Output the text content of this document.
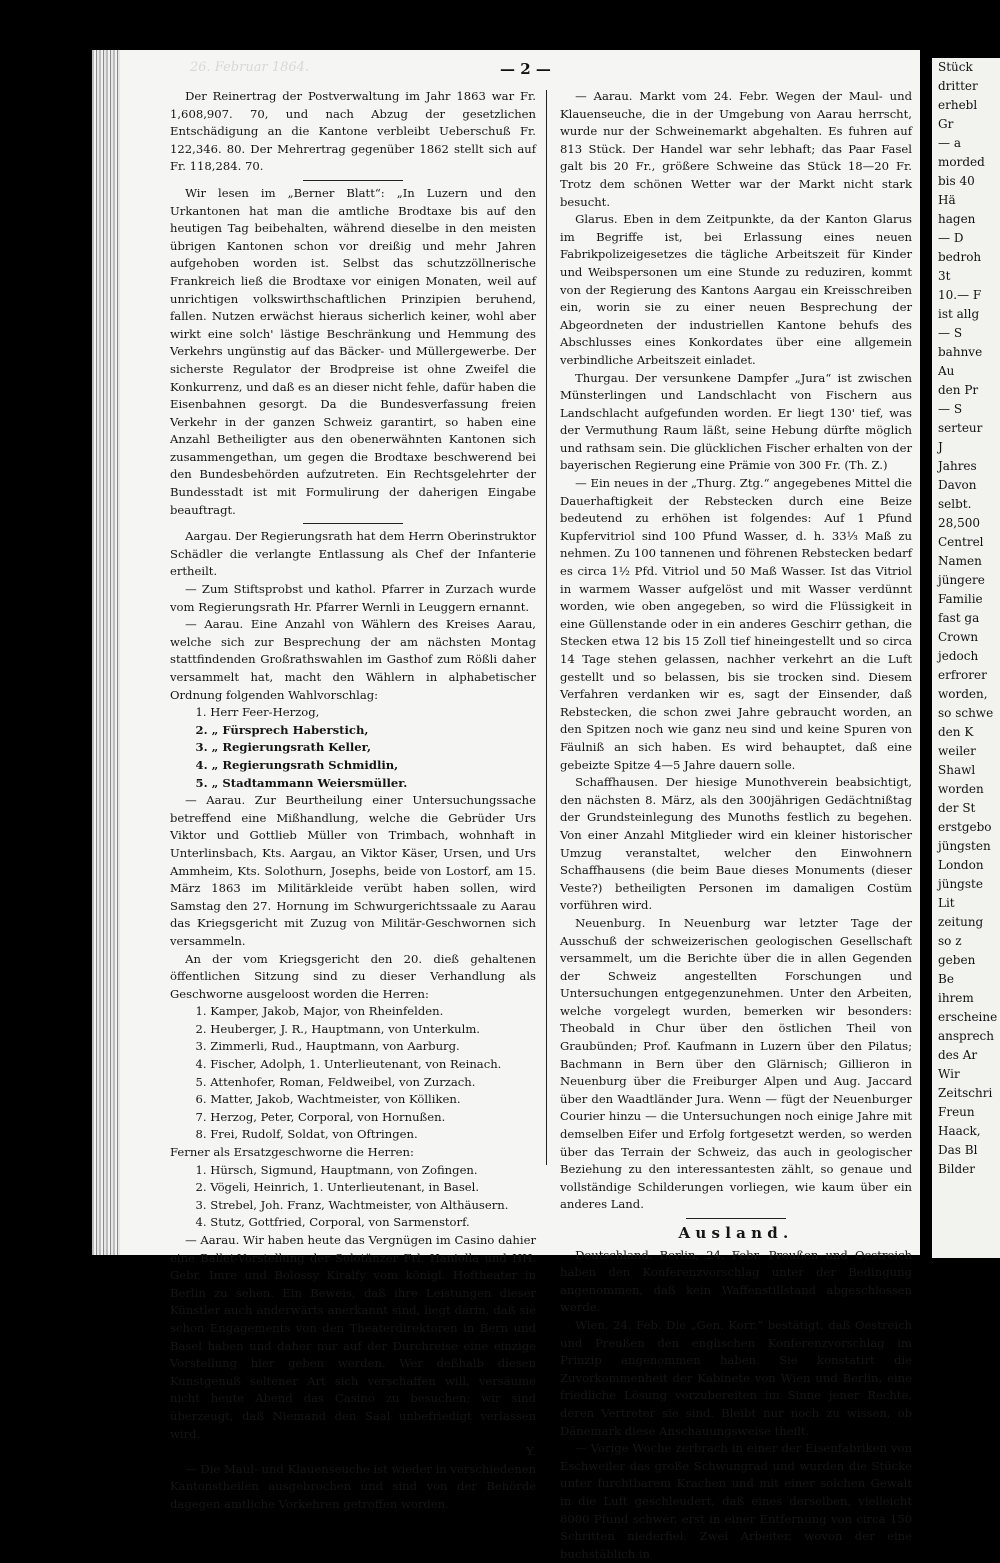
Stück
dritter
erhebl
Gr
— a
morded
bis 40
Hä
hagen
— D
bedroh
3t
10.— F
ist allg
— S
bahnve
Au
den Pr
— S
serteur
J
Jahres
Davon
selbt.
28,500
Centrel
Namen
jüngere
Familie
fast ga
Crown
jedoch
erfrorer
worden,
so schwe
den K
weiler
Shawl
worden
der St
erstgebo
jüngsten
London
jüngste
Lit
zeitung
so z
geben
Be
ihrem
erscheine
ansprech
des Ar
Wir
Zeitschri
Freun
Haack,
Das Bl
Bilder
26. Februar 1864.	— 2 —

Der Reinertrag der Postverwaltung im Jahr 1863 war Fr. 1,608,907. 70, und nach Abzug der gesetzlichen Entschädigung an die Kantone verbleibt Ueberschuß Fr. 122,346. 80. Der Mehrertrag gegenüber 1862 stellt sich auf Fr. 118,284. 70.

Wir lesen im „Berner Blatt“: „In Luzern und den Urkantonen hat man die amtliche Brodtaxe bis auf den heutigen Tag beibehalten, während dieselbe in den meisten übrigen Kantonen schon vor dreißig und mehr Jahren aufgehoben worden ist. Selbst das schutzzöllnerische Frankreich ließ die Brodtaxe vor einigen Monaten, weil auf unrichtigen volkswirthschaftlichen Prinzipien beruhend, fallen. Nutzen erwächst hieraus sicherlich keiner, wohl aber wirkt eine solch' lästige Beschränkung und Hemmung des Verkehrs ungünstig auf das Bäcker- und Müllergewerbe. Der sicherste Regulator der Brodpreise ist ohne Zweifel die Konkurrenz, und daß es an dieser nicht fehle, dafür haben die Eisenbahnen gesorgt. Da die Bundesverfassung freien Verkehr in der ganzen Schweiz garantirt, so haben eine Anzahl Betheiligter aus den obenerwähnten Kantonen sich zusammengethan, um gegen die Brodtaxe beschwerend bei den Bundesbehörden aufzutreten. Ein Rechtsgelehrter der Bundesstadt ist mit Formulirung der daherigen Eingabe beauftragt.

Aargau. Der Regierungsrath hat dem Herrn Oberinstruktor Schädler die verlangte Entlassung als Chef der Infanterie ertheilt.

— Zum Stiftsprobst und kathol. Pfarrer in Zurzach wurde vom Regierungsrath Hr. Pfarrer Wernli in Leuggern ernannt.

— Aarau. Eine Anzahl von Wählern des Kreises Aarau, welche sich zur Besprechung der am nächsten Montag stattfindenden Großrathswahlen im Gasthof zum Rößli daher versammelt hat, macht den Wählern in alphabetischer Ordnung folgenden Wahlvorschlag:

1. Herr Feer-Herzog,

2. „ Fürsprech Haberstich,

3. „ Regierungsrath Keller,

4. „ Regierungsrath Schmidlin,

5. „ Stadtammann Weiersmüller.

— Aarau. Zur Beurtheilung einer Untersuchungssache betreffend eine Mißhandlung, welche die Gebrüder Urs Viktor und Gottlieb Müller von Trimbach, wohnhaft in Unterlinsbach, Kts. Aargau, an Viktor Käser, Ursen, und Urs Ammheim, Kts. Solothurn, Josephs, beide von Lostorf, am 15. März 1863 im Militärkleide verübt haben sollen, wird Samstag den 27. Hornung im Schwurgerichtssaale zu Aarau das Kriegsgericht mit Zuzug von Militär-Geschwornen sich versammeln.

An der vom Kriegsgericht den 20. dieß gehaltenen öffentlichen Sitzung sind zu dieser Verhandlung als Geschworne ausgeloost worden die Herren:

1. Kamper, Jakob, Major, von Rheinfelden.

2. Heuberger, J. R., Hauptmann, von Unterkulm.

3. Zimmerli, Rud., Hauptmann, von Aarburg.

4. Fischer, Adolph, 1. Unterlieutenant, von Reinach.

5. Attenhofer, Roman, Feldweibel, von Zurzach.

6. Matter, Jakob, Wachtmeister, von Kölliken.

7. Herzog, Peter, Corporal, von Hornußen.

8. Frei, Rudolf, Soldat, von Oftringen.

Ferner als Ersatzgeschworne die Herren:

1. Hürsch, Sigmund, Hauptmann, von Zofingen.

2. Vögeli, Heinrich, 1. Unterlieutenant, in Basel.

3. Strebel, Joh. Franz, Wachtmeister, von Althäusern.

4. Stutz, Gottfried, Corporal, von Sarmenstorf.

— Aarau. Wir haben heute das Vergnügen im Casino dahier eine Ballet-Vorstellung der Solotänzer Frl. Haniolla und HH. Gebr. Imre und Bolossy Kiralfy vom königl. Hoftheater in Berlin zu sehen. Ein Beweis, daß ihre Leistungen dieser Künstler auch anderwärts anerkannt sind, liegt darin, daß sie schon Engagements von den Theaterdirektoren in Bern und Basel haben und daher nur auf der Durchreise eine einzige Vorstellung hier geben werden. Wer deßhalb diesen Kunstgenuß seltener Art sich verschaffen will, versäume nicht heute Abend das Casino zu besuchen; wir sind überzeugt, daß Niemand den Saal unbefriedigt verlassen wird.

Y.

— Die Maul- und Klauenseuche ist wieder in verschiedenen Kantonstheilen ausgebrochen und sind von der Behörde dagegen amtliche Vorkehren getroffen worden.

— Aarau. Markt vom 24. Febr. Wegen der Maul- und Klauenseuche, die in der Umgebung von Aarau herrscht, wurde nur der Schweinemarkt abgehalten. Es fuhren auf 813 Stück. Der Handel war sehr lebhaft; das Paar Fasel galt bis 20 Fr., größere Schweine das Stück 18—20 Fr. Trotz dem schönen Wetter war der Markt nicht stark besucht.

Glarus. Eben in dem Zeitpunkte, da der Kanton Glarus im Begriffe ist, bei Erlassung eines neuen Fabrikpolizeigesetzes die tägliche Arbeitszeit für Kinder und Weibspersonen um eine Stunde zu reduziren, kommt von der Regierung des Kantons Aargau ein Kreisschreiben ein, worin sie zu einer neuen Besprechung der Abgeordneten der industriellen Kantone behufs des Abschlusses eines Konkordates über eine allgemein verbindliche Arbeitszeit einladet.

Thurgau. Der versunkene Dampfer „Jura“ ist zwischen Münsterlingen und Landschlacht von Fischern aus Landschlacht aufgefunden worden. Er liegt 130' tief, was der Vermuthung Raum läßt, seine Hebung dürfte möglich und rathsam sein. Die glücklichen Fischer erhalten von der bayerischen Regierung eine Prämie von 300 Fr. (Th. Z.)

— Ein neues in der „Thurg. Ztg.“ angegebenes Mittel die Dauerhaftigkeit der Rebstecken durch eine Beize bedeutend zu erhöhen ist folgendes: Auf 1 Pfund Kupfervitriol sind 100 Pfund Wasser, d. h. 33⅓ Maß zu nehmen. Zu 100 tannenen und föhrenen Rebstecken bedarf es circa 1½ Pfd. Vitriol und 50 Maß Wasser. Ist das Vitriol in warmem Wasser aufgelöst und mit Wasser verdünnt worden, wie oben angegeben, so wird die Flüssigkeit in eine Güllenstande oder in ein anderes Geschirr gethan, die Stecken etwa 12 bis 15 Zoll tief hineingestellt und so circa 14 Tage stehen gelassen, nachher verkehrt an die Luft gestellt und so belassen, bis sie trocken sind. Diesem Verfahren verdanken wir es, sagt der Einsender, daß Rebstecken, die schon zwei Jahre gebraucht worden, an den Spitzen noch wie ganz neu sind und keine Spuren von Fäulniß an sich haben. Es wird behauptet, daß eine gebeizte Spitze 4—5 Jahre dauern solle.

Schaffhausen. Der hiesige Munothverein beabsichtigt, den nächsten 8. März, als den 300jährigen Gedächtnißtag der Grundsteinlegung des Munoths festlich zu begehen. Von einer Anzahl Mitglieder wird ein kleiner historischer Umzug veranstaltet, welcher den Einwohnern Schaffhausens (die beim Baue dieses Monuments (dieser Veste?) betheiligten Personen im damaligen Costüm vorführen wird.

Neuenburg. In Neuenburg war letzter Tage der Ausschuß der schweizerischen geologischen Gesellschaft versammelt, um die Berichte über die in allen Gegenden der Schweiz angestellten Forschungen und Untersuchungen entgegenzunehmen. Unter den Arbeiten, welche vorgelegt wurden, bemerken wir besonders: Theobald in Chur über den östlichen Theil von Graubünden; Prof. Kaufmann in Luzern über den Pilatus; Bachmann in Bern über den Glärnisch; Gillieron in Neuenburg über die Freiburger Alpen und Aug. Jaccard über den Waadtländer Jura. Wenn — fügt der Neuenburger Courier hinzu — die Untersuchungen noch einige Jahre mit demselben Eifer und Erfolg fortgesetzt werden, so werden über das Terrain der Schweiz, das auch in geologischer Beziehung zu den interessantesten zählt, so genaue und vollständige Schilderungen vorliegen, wie kaum über ein anderes Land.

Ausland.

Deutschland. Berlin, 24. Febr. Preußen und Oestreich haben den Konferenzvorschlag unter der Bedingung angenommen, daß kein Waffenstillstand abgeschlossen werde.

Wien, 24. Feb. Die „Gen. Korr.“ bestätigt, daß Oestreich und Preußen den englischen Konferenzvorschlag im Prinzip angenommen haben. Sie konstatirt die Zuvorkommenheit der Kabinete von Wien und Berlin, eine friedliche Lösung vorzubereiten im Sinne jener Rechte, deren Vertreter sie sind. Bleibt nur noch zu wissen, ob Dänemark diese Anschauungsweise theilt.

— Vorige Woche zerbrach in einer der Eisenfabriken von Eschweiler das große Schwungrad und wurden die Stücke unter furchtbarem Krachen und mit einer solchen Gewalt in die Luft geschleudert, daß eines derselben, vielleicht 8000 Pfund schwer, erst in einer Entfernung von circa 150 Schritten niederfiel. Zwei Arbeiter, wovon der eine buchstäblich in
